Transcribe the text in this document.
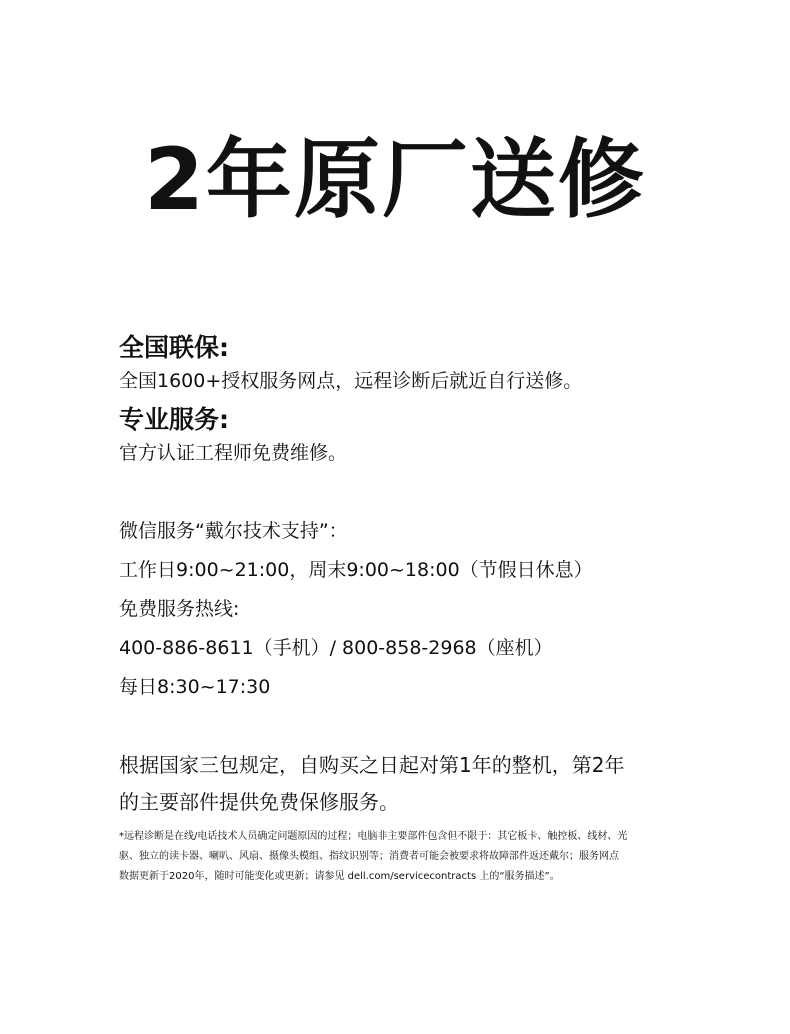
2年原厂送修

全国联保:

全国1600+授权服务网点，远程诊断后就近自行送修。

专业服务:

官方认证工程师免费维修。

微信服务“戴尔技术支持”：

工作日9:00~21:00，周末9:00~18:00（节假日休息）

免费服务热线:

400-886-8611（手机）/ 800-858-2968（座机）

每日8:30~17:30

根据国家三包规定，自购买之日起对第1年的整机，第2年

的主要部件提供免费保修服务。

*远程诊断是在线/电话技术人员确定问题原因的过程；电脑非主要部件包含但不限于：其它板卡、触控板、线材、光

驱、独立的读卡器、喇叭、风扇、摄像头模组、指纹识别等；消费者可能会被要求将故障部件返还戴尔；服务网点

数据更新于2020年，随时可能变化或更新；请参见 dell.com/servicecontracts 上的“服务描述”。
